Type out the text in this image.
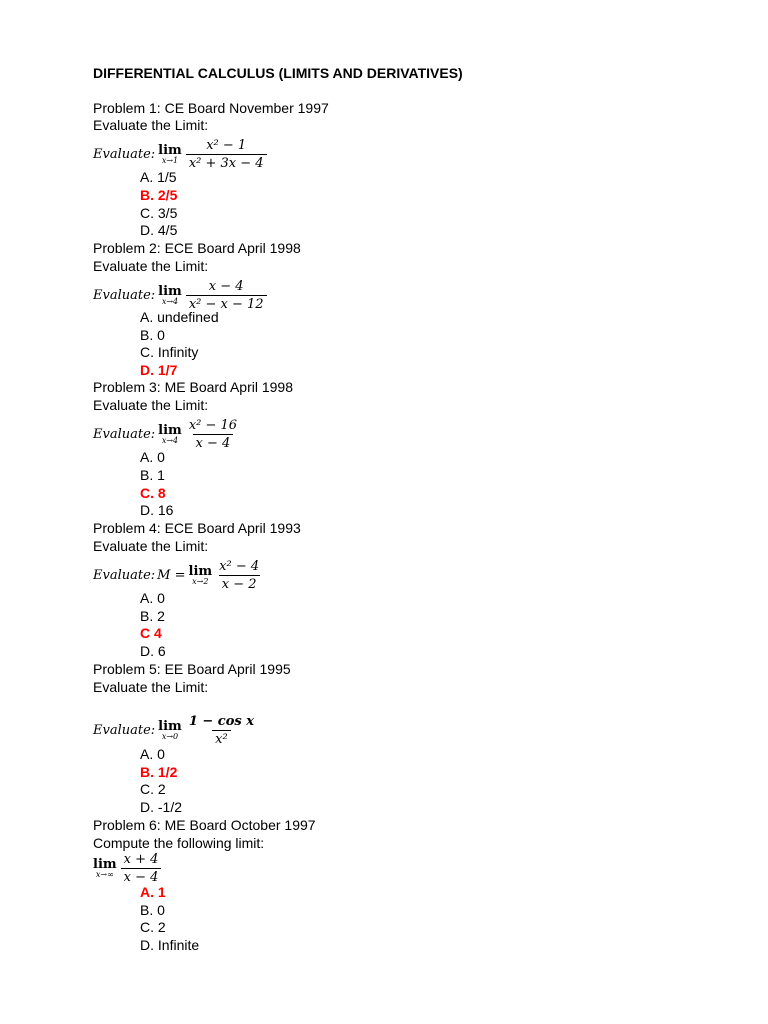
DIFFERENTIAL CALCULUS (LIMITS AND DERIVATIVES)
Problem 1: CE Board November 1997
Evaluate the Limit:
Evaluate: lim
$x\to 1 \frac{\text{x² − 1}}{\text{x² + 3x − 4}}$
A. 1/5
B. 2/5
C. 3/5
D. 4/5
Problem 2: ECE Board April 1998
Evaluate the Limit:
Evaluate: lim
$x\to 4 \frac{x - 4}{\text{x² − x − 12}}$
A. undefined
B. 0
C. Infinity
D. 1/7
Problem 3: ME Board April 1998
Evaluate the Limit:
Evaluate: lim
$x\to 4 \frac{\text{x² − 16}}{x - 4}$
A. 0
B. 1
C. 8
D. 16
Problem 4: ECE Board April 1993
Evaluate the Limit:
Evaluate: M = lim
$x\to 2 \frac{\text{x² − 4}}{x - 2}$
A. 0
B. 2
C 4
D. 6
Problem 5: EE Board April 1995
Evaluate the Limit:
Evaluate: lim
$x\to 0 \frac{\text{1 − cos x}}{\text{x²}}$
A. 0
B. 1/2
C. 2
D. -1/2
Problem 6: ME Board October 1997
Compute the following limit:
lim
$x\to\infty \frac{x + 4}{x - 4}$
A. 1
B. 0
C. 2
D. Infinite
